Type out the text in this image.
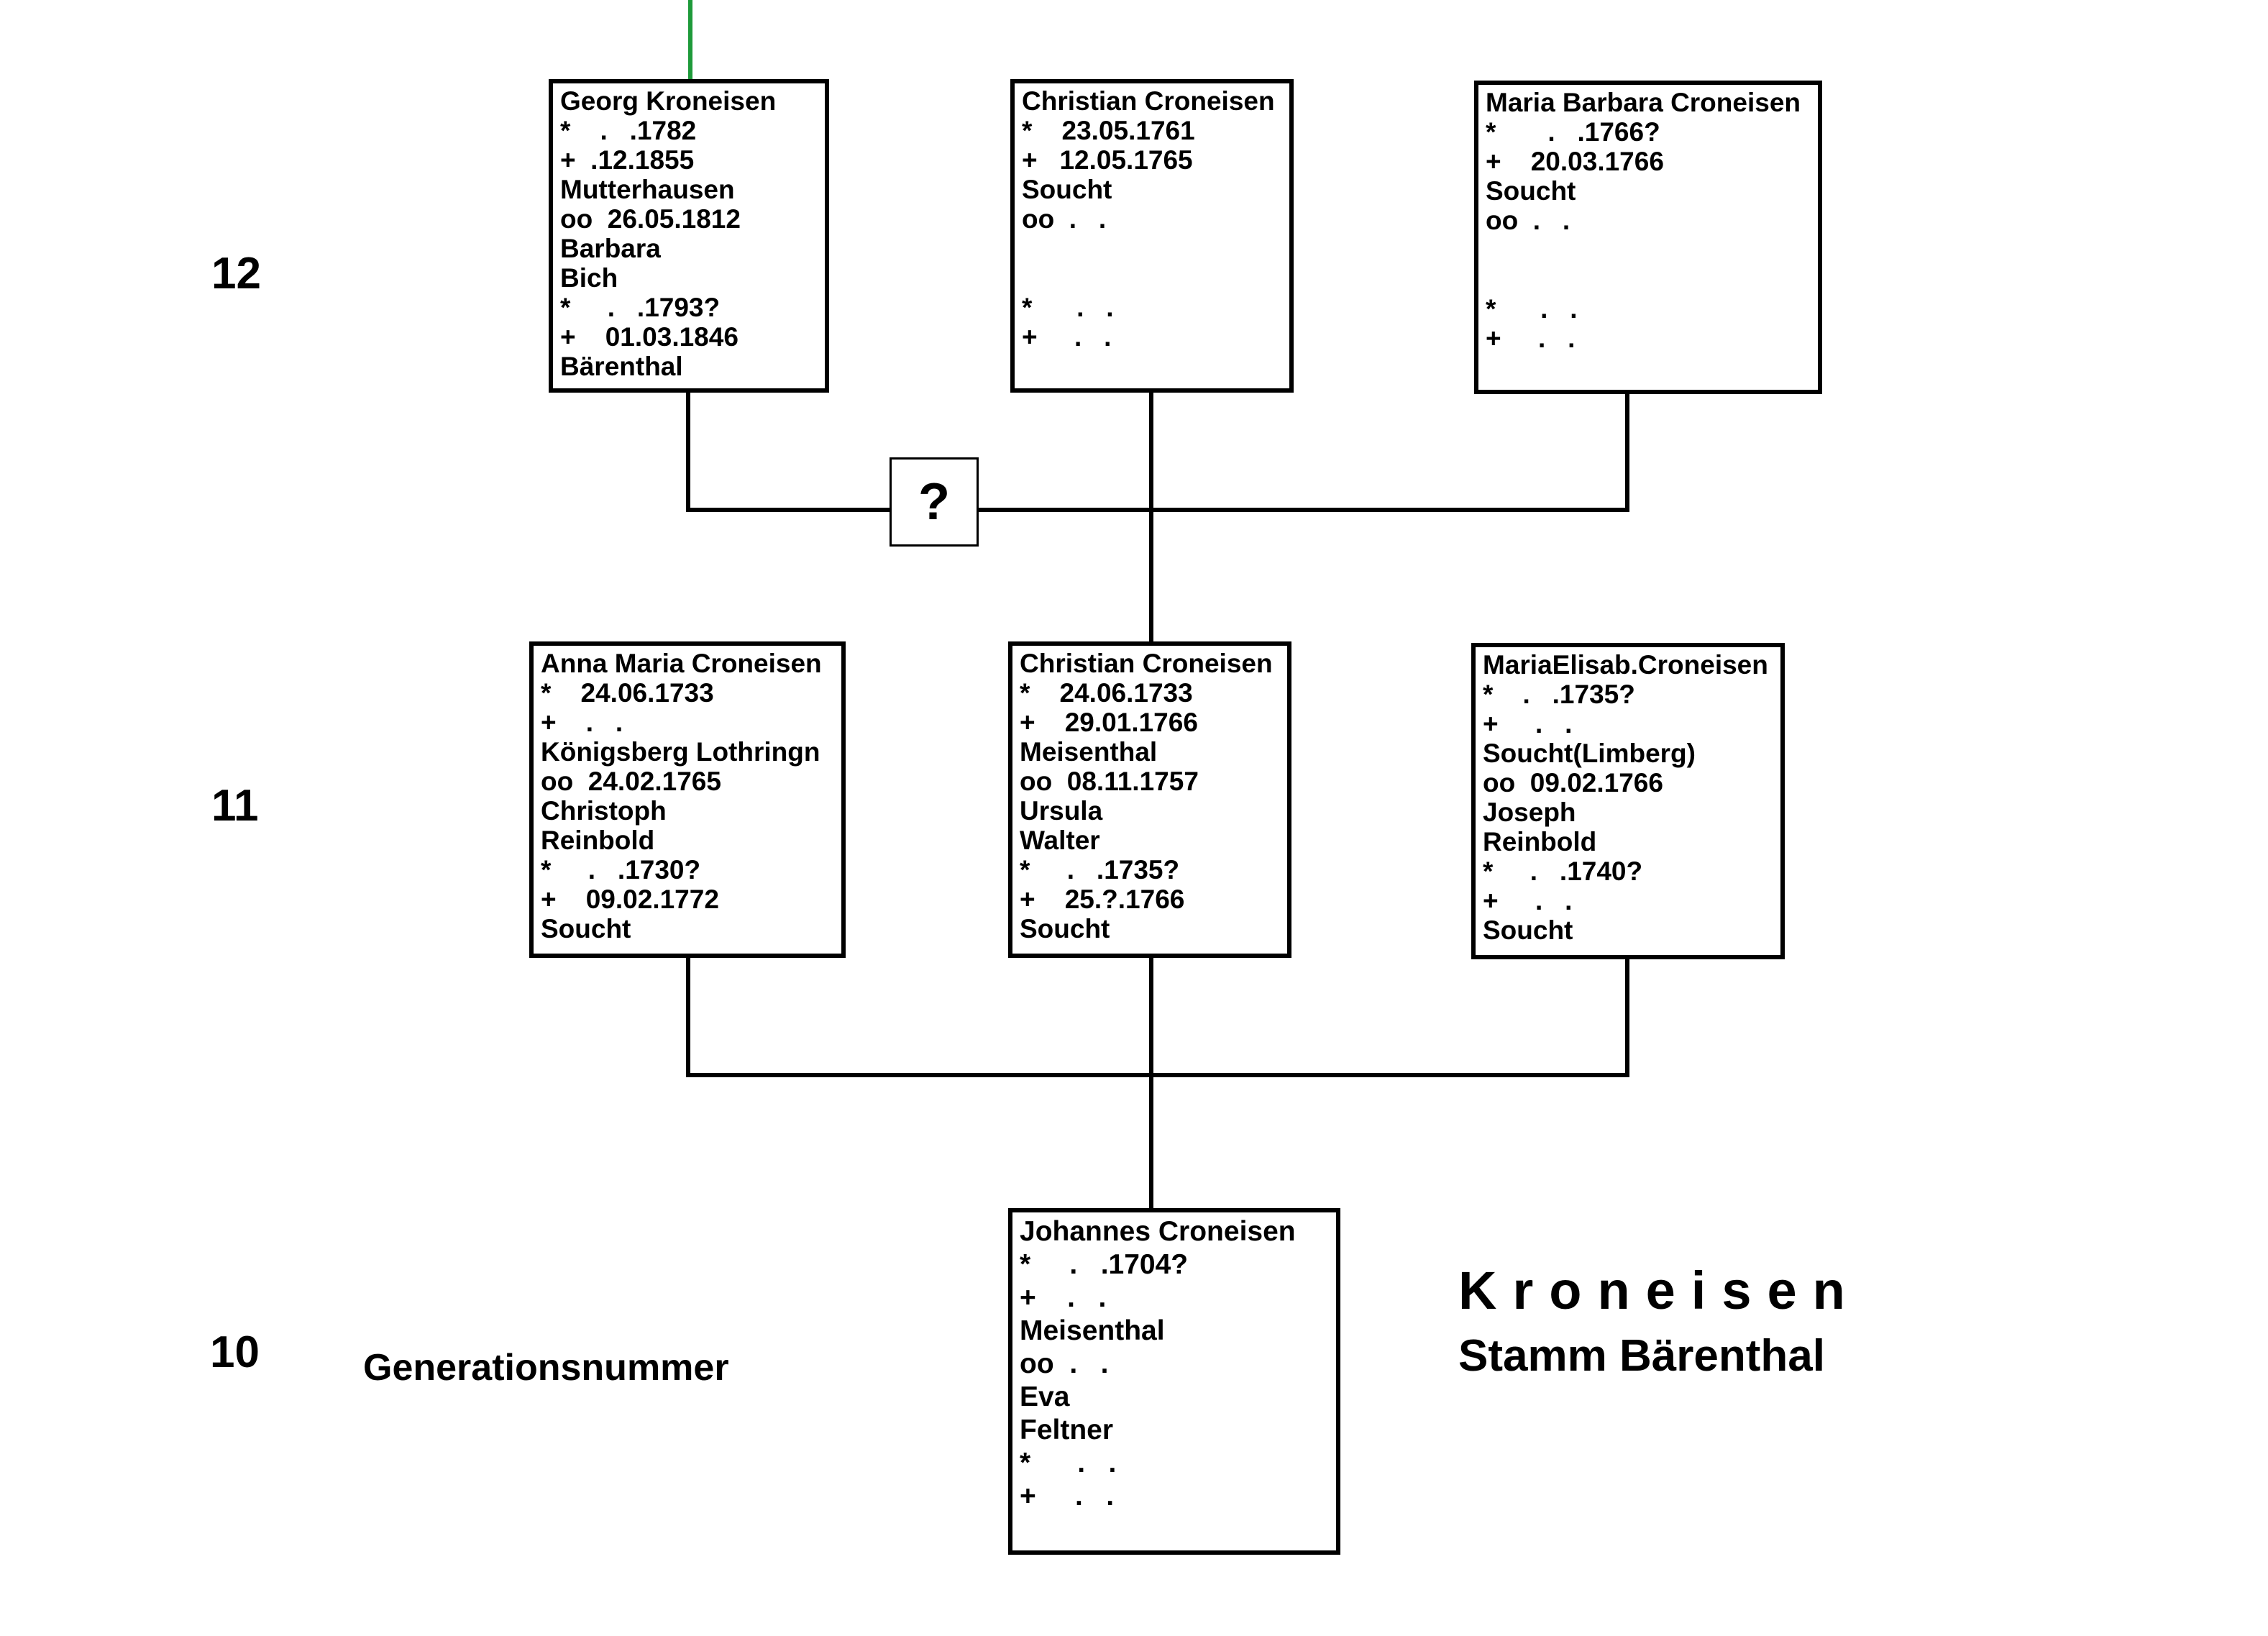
?
12
11
10	Generationsnummer
Kroneisen
Stamm Bärenthal
Georg Kroneisen
*    .   .1782
+  .12.1855
Mutterhausen
oo  26.05.1812
Barbara
Bich
*     .   .1793?
+    01.03.1846
Bärenthal
Christian Croneisen
*    23.05.1761
+   12.05.1765
Soucht
oo  .   .
*      .   .
+     .   .
Maria Barbara Croneisen
*       .   .1766?
+    20.03.1766
Soucht
oo  .   .
*      .   .
+     .   .
Anna Maria Croneisen
*    24.06.1733
+    .   .
Königsberg Lothringn
oo  24.02.1765
Christoph
Reinbold
*     .   .1730?
+    09.02.1772
Soucht
Christian Croneisen
*    24.06.1733
+    29.01.1766
Meisenthal
oo  08.11.1757
Ursula
Walter
*     .   .1735?
+    25.?.1766
Soucht
MariaElisab.Croneisen
*    .   .1735?
+     .   .
Soucht(Limberg)
oo  09.02.1766
Joseph
Reinbold
*     .   .1740?
+     .   .
Soucht
Johannes Croneisen
*     .   .1704?
+    .   .
Meisenthal
oo  .   .
Eva
Feltner
*      .   .
+     .   .
